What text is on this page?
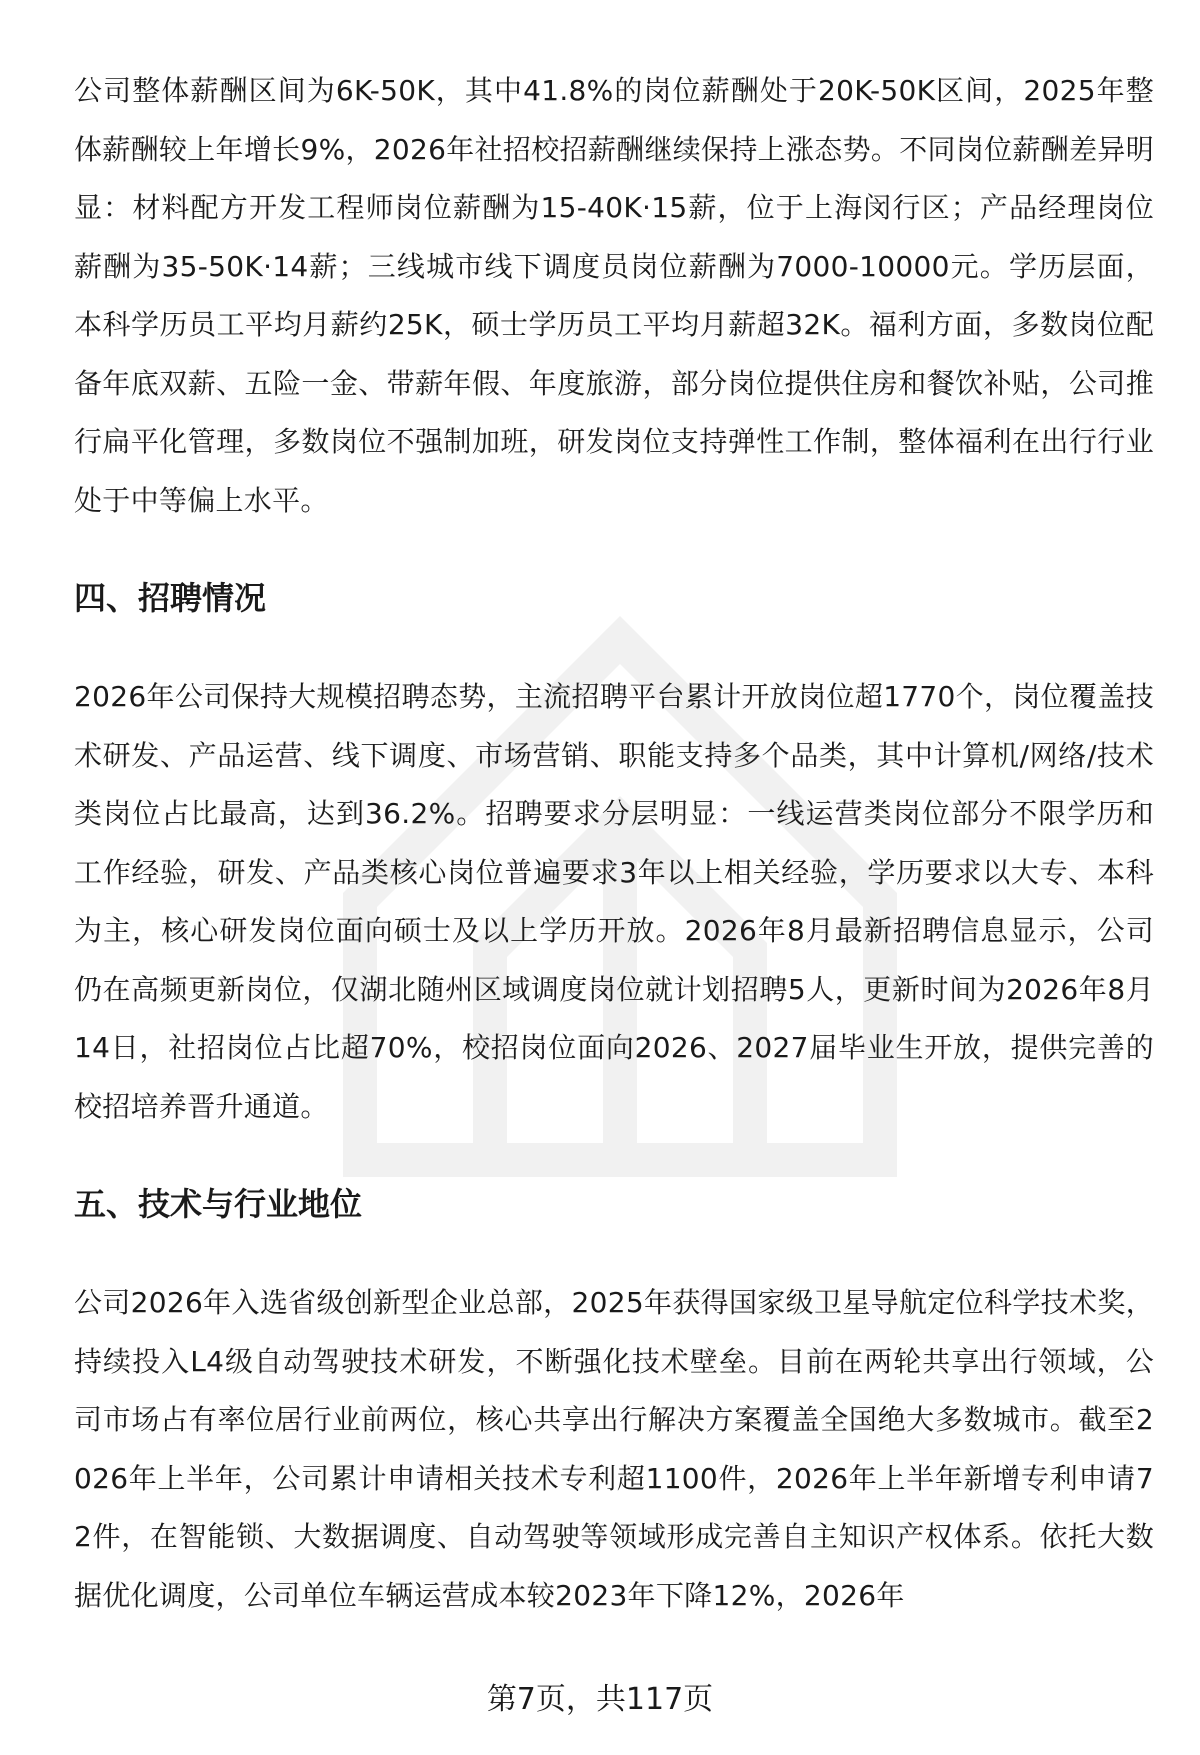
公司整体薪酬区间为6K-50K，其中41.8%的岗位薪酬处于20K-50K区间，2025年整体薪酬较上年增长9%，2026年社招校招薪酬继续保持上涨态势。不同岗位薪酬差异明显：材料配方开发工程师岗位薪酬为15-40K·15薪，位于上海闵行区；产品经理岗位薪酬为35-50K·14薪；三线城市线下调度员岗位薪酬为7000-10000元。学历层面，本科学历员工平均月薪约25K，硕士学历员工平均月薪超32K。福利方面，多数岗位配备年底双薪、五险一金、带薪年假、年度旅游，部分岗位提供住房和餐饮补贴，公司推行扁平化管理，多数岗位不强制加班，研发岗位支持弹性工作制，整体福利在出行行业处于中等偏上水平。

四、招聘情况

2026年公司保持大规模招聘态势，主流招聘平台累计开放岗位超1770个，岗位覆盖技术研发、产品运营、线下调度、市场营销、职能支持多个品类，其中计算机/网络/技术类岗位占比最高，达到36.2%。招聘要求分层明显：一线运营类岗位部分不限学历和工作经验，研发、产品类核心岗位普遍要求3年以上相关经验，学历要求以大专、本科为主，核心研发岗位面向硕士及以上学历开放。2026年8月最新招聘信息显示，公司仍在高频更新岗位，仅湖北随州区域调度岗位就计划招聘5人，更新时间为2026年8月14日，社招岗位占比超70%，校招岗位面向2026、2027届毕业生开放，提供完善的校招培养晋升通道。

五、技术与行业地位

公司2026年入选省级创新型企业总部，2025年获得国家级卫星导航定位科学技术奖，持续投入L4级自动驾驶技术研发，不断强化技术壁垒。目前在两轮共享出行领域，公司市场占有率位居行业前两位，核心共享出行解决方案覆盖全国绝大多数城市。截至2026年上半年，公司累计申请相关技术专利超1100件，2026年上半年新增专利申请72件，在智能锁、大数据调度、自动驾驶等领域形成完善自主知识产权体系。依托大数据优化调度，公司单位车辆运营成本较2023年下降12%，2026年

第7页，共117页
